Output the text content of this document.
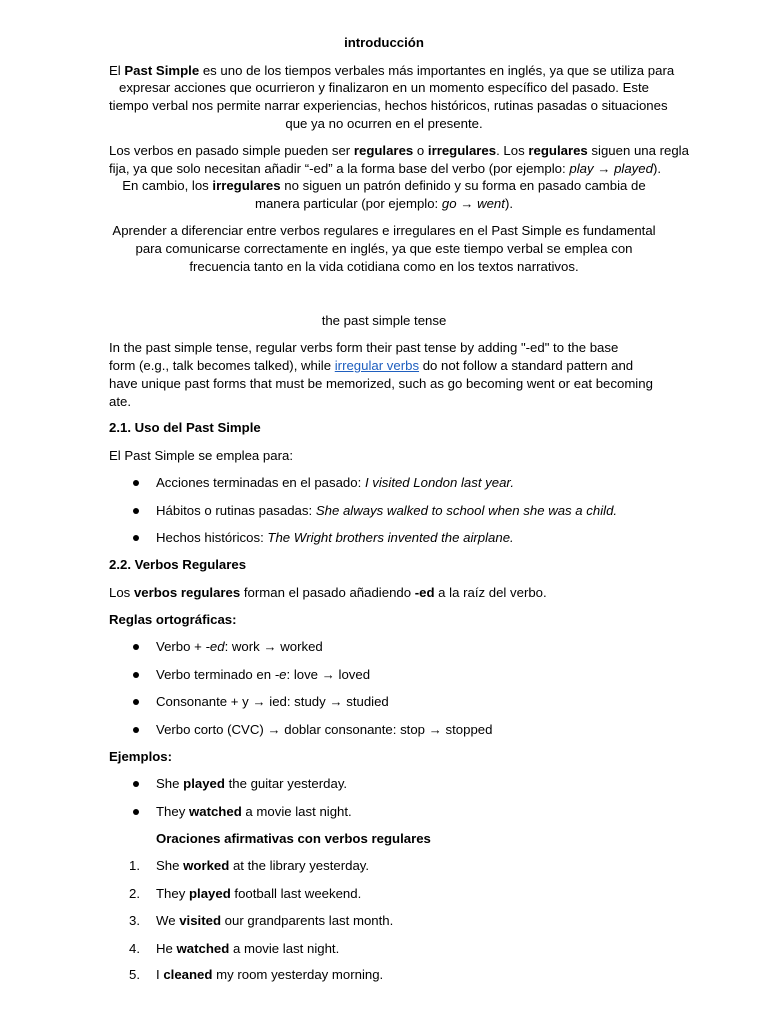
introducción
El Past Simple es uno de los tiempos verbales más importantes en inglés, ya que se utiliza para
expresar acciones que ocurrieron y finalizaron en un momento específico del pasado. Este
tiempo verbal nos permite narrar experiencias, hechos históricos, rutinas pasadas o situaciones
que ya no ocurren en el presente.
Los verbos en pasado simple pueden ser regulares o irregulares. Los regulares siguen una regla
fija, ya que solo necesitan añadir “-ed” a la forma base del verbo (por ejemplo: play → played).
En cambio, los irregulares no siguen un patrón definido y su forma en pasado cambia de
manera particular (por ejemplo: go → went).
Aprender a diferenciar entre verbos regulares e irregulares en el Past Simple es fundamental
para comunicarse correctamente en inglés, ya que este tiempo verbal se emplea con
frecuencia tanto en la vida cotidiana como en los textos narrativos.
the past simple tense
In the past simple tense, regular verbs form their past tense by adding "-ed" to the base
form (e.g., talk becomes talked), while irregular verbs do not follow a standard pattern and
have unique past forms that must be memorized, such as go becoming went or eat becoming
ate.
2.1. Uso del Past Simple
El Past Simple se emplea para:
Acciones terminadas en el pasado: I visited London last year.
Hábitos o rutinas pasadas: She always walked to school when she was a child.
Hechos históricos: The Wright brothers invented the airplane.
2.2. Verbos Regulares
Los verbos regulares forman el pasado añadiendo -ed a la raíz del verbo.
Reglas ortográficas:
Verbo + -ed: work → worked
Verbo terminado en -e: love → loved
Consonante + y → ied: study → studied
Verbo corto (CVC) → doblar consonante: stop → stopped
Ejemplos:
She played the guitar yesterday.
They watched a movie last night.
Oraciones afirmativas con verbos regulares
1.	She worked at the library yesterday.
2.	They played football last weekend.
3.	We visited our grandparents last month.
4.	He watched a movie last night.
5.	I cleaned my room yesterday morning.
